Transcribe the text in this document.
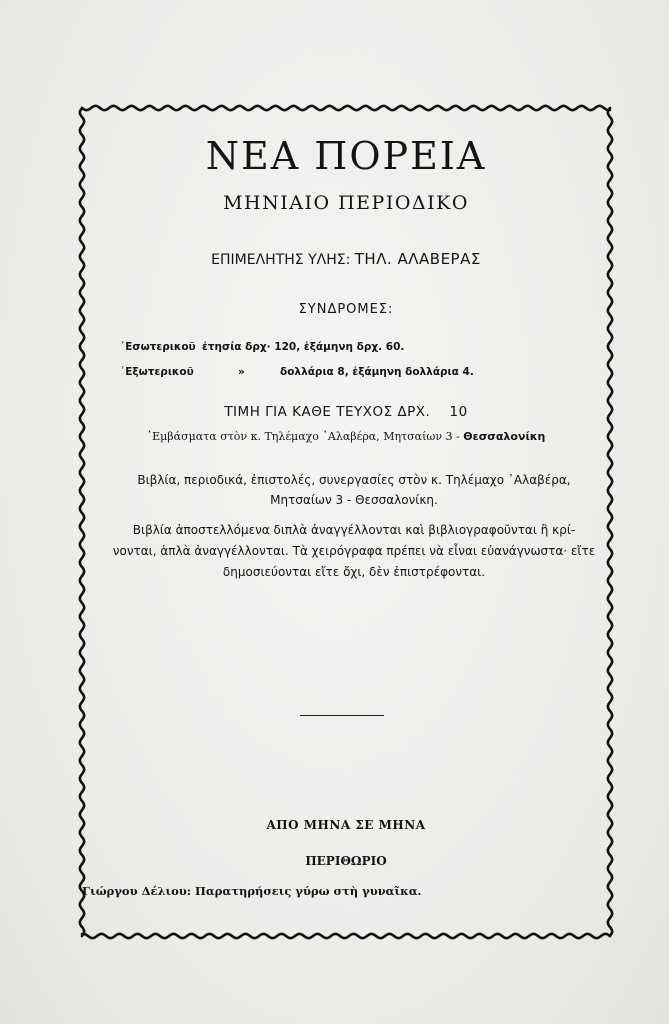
ΝΕΑ ΠΟΡΕΙΑ
ΜΗΝΙΑΙΟ ΠΕΡΙΟΔΙΚΟ
ΕΠΙΜΕΛΗΤΗΣ ΥΛΗΣ: ΤΗΛ. ΑΛΑΒΕΡΑΣ
ΣΥΝΔΡΟΜΕΣ:
᾿Εσωτερικοῦ ἐτησία δρχ· 120, ἑξάμηνη δρχ. 60.
᾿Εξωτερικοῦ	»	δολλάρια 8, ἑξάμηνη δολλάρια 4.
ΤΙΜΗ ΓΙΑ ΚΑΘΕ ΤΕΥΧΟΣ ΔΡΧ.    10
᾿Εμβάσματα στὸν κ. Τηλέμαχο ᾿Αλαβέρα, Μητσαίων 3 - Θεσσαλονίκη
Βιβλία, περιοδικά, ἐπιστολές, συνεργασίες στὸν κ. Τηλέμαχο ᾿Αλαβέρα, Μητσαίων 3 - Θεσσαλονίκη.
Βιβλία ἀποστελλόμενα διπλὰ ἀναγγέλλονται καὶ βιβλιογραφοῦνται ἢ κρί-νονται, ἁπλὰ ἀναγγέλλονται. Τὰ χειρόγραφα πρέπει νὰ εἶναι εὐανάγνωστα· εἴτε δημοσιεύονται εἴτε ὄχι, δὲν ἐπιστρέφονται.
ΑΠΟ ΜΗΝΑ ΣΕ ΜΗΝΑ
ΠΕΡΙΘΩΡΙΟ
Γιώργου Δέλιου: Παρατηρήσεις γύρω στὴ γυναῖκα.
